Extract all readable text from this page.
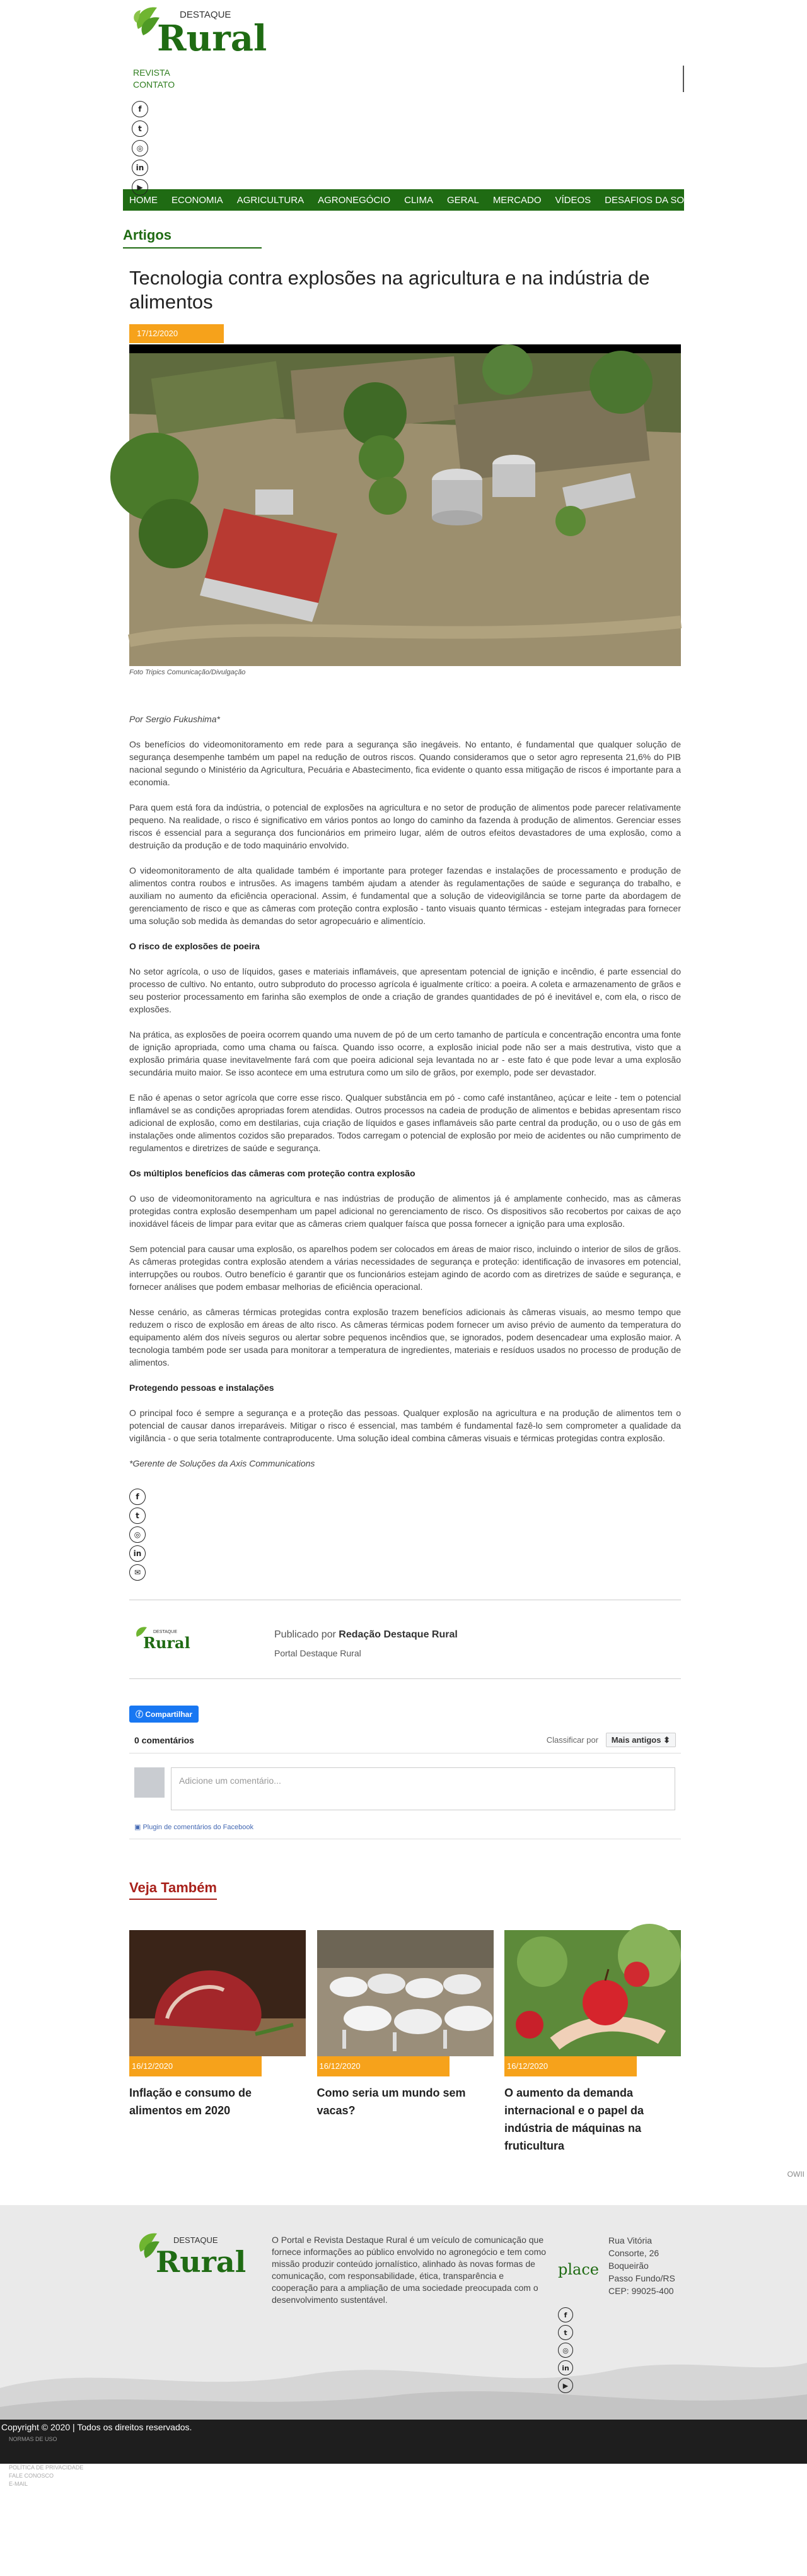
DESTAQUE
Rural
REVISTA
CONTATO
f
t
◎
in
▶
HOME ECONOMIA AGRICULTURA AGRONEGÓCIO CLIMA GERAL MERCADO VÍDEOS DESAFIOS DA SOJA
Artigos
Tecnologia contra explosões na agricultura e na indústria de alimentos
17/12/2020
Foto Tripics Comunicação/Divulgação

Por Sergio Fukushima*

Os benefícios do videomonitoramento em rede para a segurança são inegáveis. No entanto, é fundamental que qualquer solução de segurança desempenhe também um papel na redução de outros riscos. Quando consideramos que o setor agro representa 21,6% do PIB nacional segundo o Ministério da Agricultura, Pecuária e Abastecimento, fica evidente o quanto essa mitigação de riscos é importante para a economia.

Para quem está fora da indústria, o potencial de explosões na agricultura e no setor de produção de alimentos pode parecer relativamente pequeno. Na realidade, o risco é significativo em vários pontos ao longo do caminho da fazenda à produção de alimentos. Gerenciar esses riscos é essencial para a segurança dos funcionários em primeiro lugar, além de outros efeitos devastadores de uma explosão, como a destruição da produção e de todo maquinário envolvido.

O videomonitoramento de alta qualidade também é importante para proteger fazendas e instalações de processamento e produção de alimentos contra roubos e intrusões. As imagens também ajudam a atender às regulamentações de saúde e segurança do trabalho, e auxiliam no aumento da eficiência operacional. Assim, é fundamental que a solução de videovigilância se torne parte da abordagem de gerenciamento de risco e que as câmeras com proteção contra explosão - tanto visuais quanto térmicas - estejam integradas para fornecer uma solução sob medida às demandas do setor agropecuário e alimentício.

O risco de explosões de poeira

No setor agrícola, o uso de líquidos, gases e materiais inflamáveis, que apresentam potencial de ignição e incêndio, é parte essencial do processo de cultivo. No entanto, outro subproduto do processo agrícola é igualmente crítico: a poeira. A coleta e armazenamento de grãos e seu posterior processamento em farinha são exemplos de onde a criação de grandes quantidades de pó é inevitável e, com ela, o risco de explosões.

Na prática, as explosões de poeira ocorrem quando uma nuvem de pó de um certo tamanho de partícula e concentração encontra uma fonte de ignição apropriada, como uma chama ou faísca. Quando isso ocorre, a explosão inicial pode não ser a mais destrutiva, visto que a explosão primária quase inevitavelmente fará com que poeira adicional seja levantada no ar - este fato é que pode levar a uma explosão secundária muito maior. Se isso acontece em uma estrutura como um silo de grãos, por exemplo, pode ser devastador.

E não é apenas o setor agrícola que corre esse risco. Qualquer substância em pó - como café instantâneo, açúcar e leite - tem o potencial inflamável se as condições apropriadas forem atendidas. Outros processos na cadeia de produção de alimentos e bebidas apresentam risco adicional de explosão, como em destilarias, cuja criação de líquidos e gases inflamáveis são parte central da produção, ou o uso de gás em instalações onde alimentos cozidos são preparados. Todos carregam o potencial de explosão por meio de acidentes ou não cumprimento de regulamentos e diretrizes de saúde e segurança.

Os múltiplos benefícios das câmeras com proteção contra explosão

O uso de videomonitoramento na agricultura e nas indústrias de produção de alimentos já é amplamente conhecido, mas as câmeras protegidas contra explosão desempenham um papel adicional no gerenciamento de risco. Os dispositivos são recobertos por caixas de aço inoxidável fáceis de limpar para evitar que as câmeras criem qualquer faísca que possa fornecer a ignição para uma explosão.

Sem potencial para causar uma explosão, os aparelhos podem ser colocados em áreas de maior risco, incluindo o interior de silos de grãos. As câmeras protegidas contra explosão atendem a várias necessidades de segurança e proteção: identificação de invasores em potencial, interrupções ou roubos. Outro benefício é garantir que os funcionários estejam agindo de acordo com as diretrizes de saúde e segurança, e fornecer análises que podem embasar melhorias de eficiência operacional.

Nesse cenário, as câmeras térmicas protegidas contra explosão trazem benefícios adicionais às câmeras visuais, ao mesmo tempo que reduzem o risco de explosão em áreas de alto risco. As câmeras térmicas podem fornecer um aviso prévio de aumento da temperatura do equipamento além dos níveis seguros ou alertar sobre pequenos incêndios que, se ignorados, podem desencadear uma explosão maior. A tecnologia também pode ser usada para monitorar a temperatura de ingredientes, materiais e resíduos usados no processo de produção de alimentos.

Protegendo pessoas e instalações

O principal foco é sempre a segurança e a proteção das pessoas. Qualquer explosão na agricultura e na produção de alimentos tem o potencial de causar danos irreparáveis. Mitigar o risco é essencial, mas também é fundamental fazê-lo sem comprometer a qualidade da vigilância - o que seria totalmente contraproducente. Uma solução ideal combina câmeras visuais e térmicas protegidas contra explosão.

*Gerente de Soluções da Axis Communications

f
t
◎
in
✉
DESTAQUE
Rural	Publicado por Redação Destaque Rural
Portal Destaque Rural
ⓕ Compartilhar
0 comentários	Classificar por Mais antigos ⬍
Adicione um comentário...
▣ Plugin de comentários do Facebook
Veja Também
16/12/2020
Inflação e consumo de alimentos em 2020
16/12/2020
Como seria um mundo sem vacas?
16/12/2020
O aumento da demanda internacional e o papel da indústria de máquinas na fruticultura
DESTAQUE
Rural
O Portal e Revista Destaque Rural é um veículo de comunicação que fornece informações ao público envolvido no agronegócio e tem como missão produzir conteúdo jornalístico, alinhado às novas formas de comunicação, com responsabilidade, ética, transparência e cooperação para a ampliação de uma sociedade preocupada com o desenvolvimento sustentável.
place
Rua Vitória
Consorte, 26
Boqueirão
Passo Fundo/RS
CEP: 99025-400
f
t
◎
in
▶
Copyright © 2020 | Todos os direitos reservados.
NORMAS DE USO
POLÍTICA DE PRIVACIDADE
FALE CONOSCO
E-MAIL
OWII
